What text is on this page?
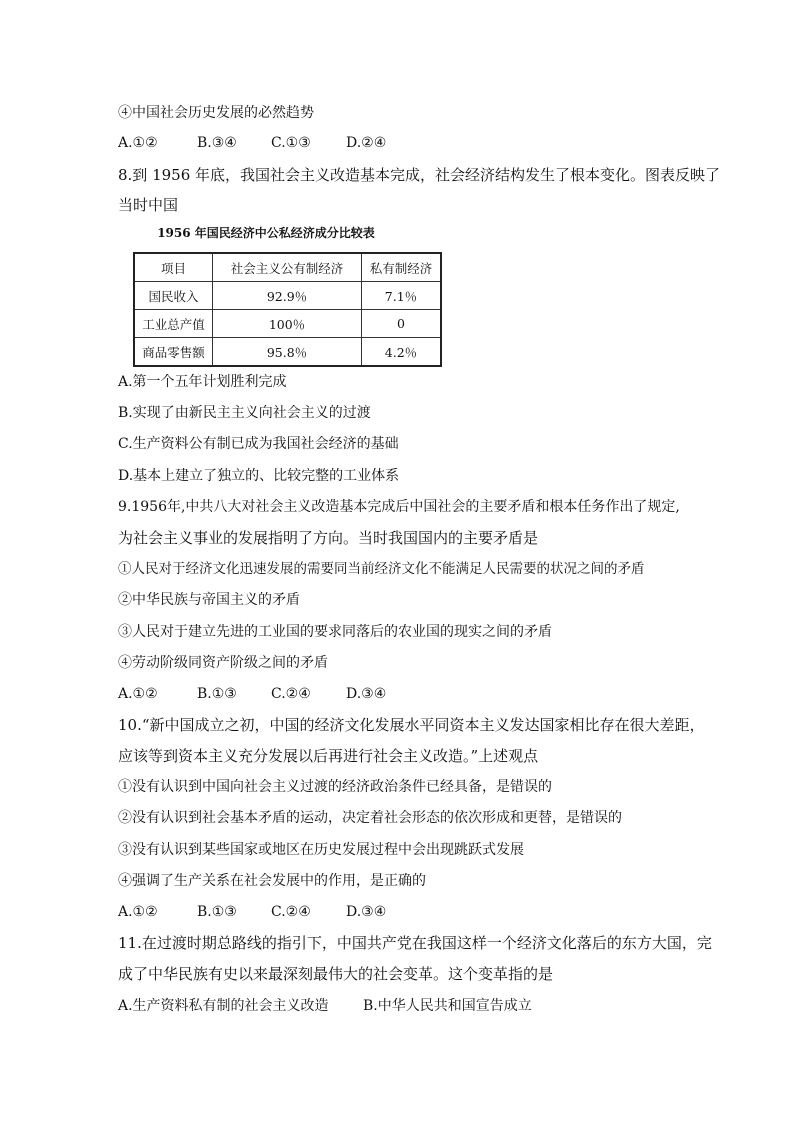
④中国社会历史发展的必然趋势
A.①②	B.③④ C.①③	D.②④
8.到 1956 年底，我国社会主义改造基本完成，社会经济结构发生了根本变化。图表反映了
当时中国
1956 年国民经济中公私经济成分比较表
项目	社会主义公有制经济	私有制经济
国民收入	92.9％	7.1％
工业总产值	100％	0
商品零售额	95.8％	4.2％
A.第一个五年计划胜利完成
B.实现了由新民主主义向社会主义的过渡
C.生产资料公有制已成为我国社会经济的基础
D.基本上建立了独立的、比较完整的工业体系
9.1956年,中共八大对社会主义改造基本完成后中国社会的主要矛盾和根本任务作出了规定,
为社会主义事业的发展指明了方向。当时我国国内的主要矛盾是
①人民对于经济文化迅速发展的需要同当前经济文化不能满足人民需要的状况之间的矛盾
②中华民族与帝国主义的矛盾
③人民对于建立先进的工业国的要求同落后的农业国的现实之间的矛盾
④劳动阶级同资产阶级之间的矛盾
A.①②	B.①③ C.②④	D.③④
10.“新中国成立之初，中国的经济文化发展水平同资本主义发达国家相比存在很大差距，
应该等到资本主义充分发展以后再进行社会主义改造。”上述观点
①没有认识到中国向社会主义过渡的经济政治条件已经具备，是错误的
②没有认识到社会基本矛盾的运动，决定着社会形态的依次形成和更替，是错误的
③没有认识到某些国家或地区在历史发展过程中会出现跳跃式发展
④强调了生产关系在社会发展中的作用，是正确的
A.①②	B.①③ C.②④	D.③④
11.在过渡时期总路线的指引下，中国共产党在我国这样一个经济文化落后的东方大国，完
成了中华民族有史以来最深刻最伟大的社会变革。这个变革指的是
A.生产资料私有制的社会主义改造 B.中华人民共和国宣告成立
